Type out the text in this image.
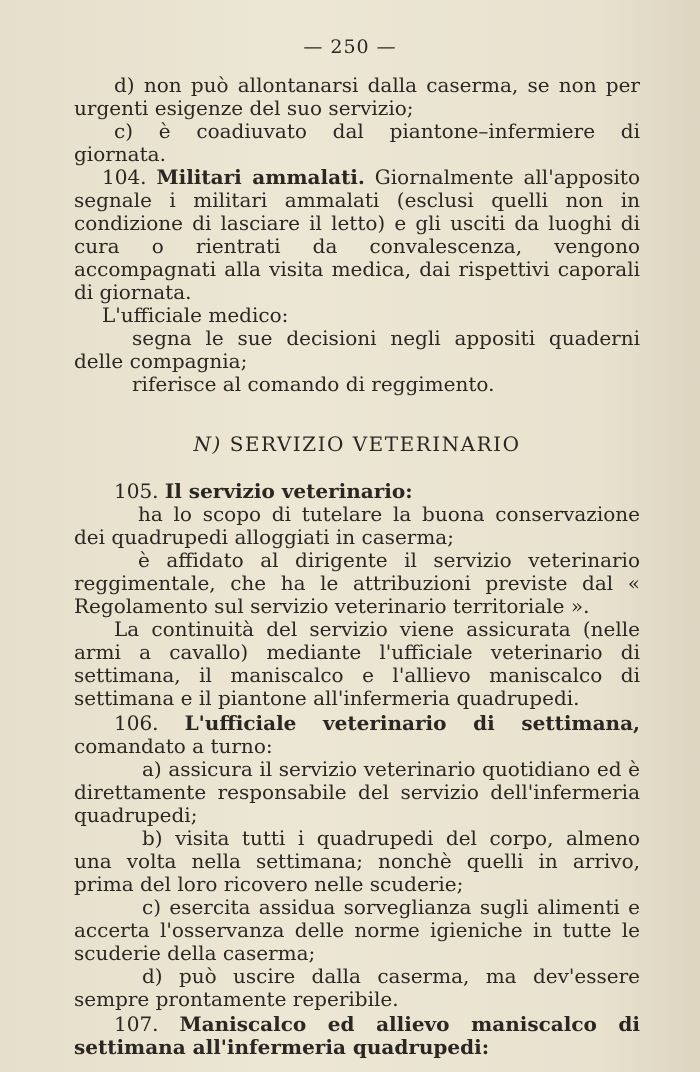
— 250 —

d) non può allontanarsi dalla caserma, se non per urgenti esigenze del suo servizio;

c) è coadiuvato dal piantone–infermiere di giornata.

104. Militari ammalati. Giornalmente all'apposito segnale i militari ammalati (esclusi quelli non in condizione di lasciare il letto) e gli usciti da luoghi di cura o rientrati da convalescenza, vengono accompagnati alla visita medica, dai rispettivi caporali di giornata.

L'ufficiale medico:

segna le sue decisioni negli appositi quaderni delle compagnia;

riferisce al comando di reggimento.

N) SERVIZIO VETERINARIO

105. Il servizio veterinario:

ha lo scopo di tutelare la buona conservazione dei quadrupedi alloggiati in caserma;

è affidato al dirigente il servizio veterinario reggimentale, che ha le attribuzioni previste dal « Regolamento sul servizio veterinario territoriale ».

La continuità del servizio viene assicurata (nelle armi a cavallo) mediante l'ufficiale veterinario di settimana, il maniscalco e l'allievo maniscalco di settimana e il piantone all'infermeria quadrupedi.

106. L'ufficiale veterinario di settimana, comandato a turno:

a) assicura il servizio veterinario quotidiano ed è direttamente responsabile del servizio dell'infermeria quadrupedi;

b) visita tutti i quadrupedi del corpo, almeno una volta nella settimana; nonchè quelli in arrivo, prima del loro ricovero nelle scuderie;

c) esercita assidua sorveglianza sugli alimenti e accerta l'osservanza delle norme igieniche in tutte le scuderie della caserma;

d) può uscire dalla caserma, ma dev'essere sempre prontamente reperibile.

107. Maniscalco ed allievo maniscalco di settimana all'infermeria quadrupedi:
